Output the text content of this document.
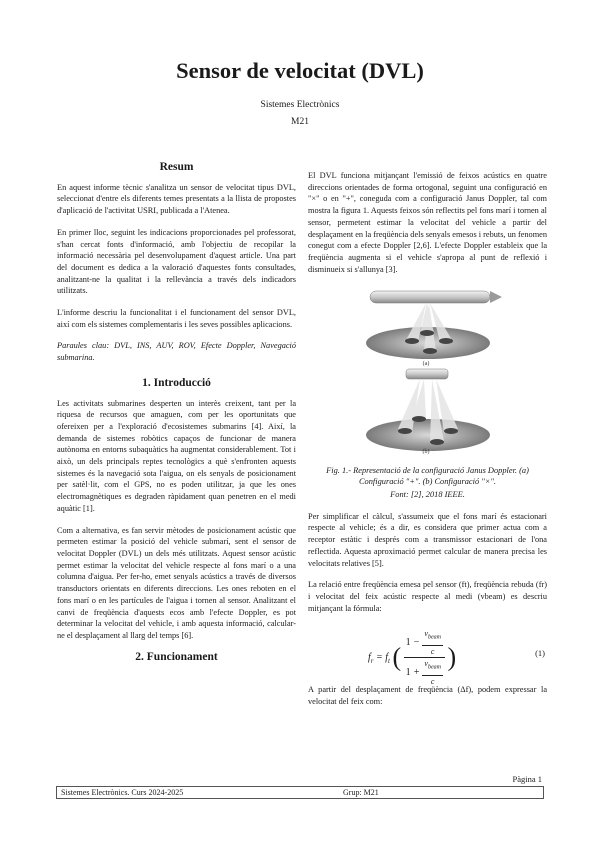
Sensor de velocitat (DVL)
Sistemes Electrònics
M21
Resum

En aquest informe tècnic s'analitza un sensor de velocitat tipus DVL, seleccionat d'entre els diferents temes presentats a la llista de propostes d'aplicació de l'activitat USRI, publicada a l'Atenea.

En primer lloc, seguint les indicacions proporcionades pel professorat, s'han cercat fonts d'informació, amb l'objectiu de recopilar la informació necessària pel desenvolupament d'aquest article. Una part del document es dedica a la valoració d'aquestes fonts consultades, analitzant-ne la qualitat i la rellevància a través dels indicadors utilitzats.

L'informe descriu la funcionalitat i el funcionament del sensor DVL, així com els sistemes complementaris i les seves possibles aplicacions.

Paraules clau: DVL, INS, AUV, ROV, Efecte Doppler, Navegació submarina.

1. Introducció

Les activitats submarines desperten un interès creixent, tant per la riquesa de recursos que amaguen, com per les oportunitats que ofereixen per a l'exploració d'ecosistemes submarins [4]. Així, la demanda de sistemes robòtics capaços de funcionar de manera autònoma en entorns subaquàtics ha augmentat considerablement. Tot i això, un dels principals reptes tecnològics a què s'enfronten aquests sistemes és la navegació sota l'aigua, on els senyals de posicionament per satèl·lit, com el GPS, no es poden utilitzar, ja que les ones electromagnètiques es degraden ràpidament quan penetren en el medi aquàtic [1].

Com a alternativa, es fan servir mètodes de posicionament acústic que permeten estimar la posició del vehicle submarí, sent el sensor de velocitat Doppler (DVL) un dels més utilitzats. Aquest sensor acústic permet estimar la velocitat del vehicle respecte al fons marí o a una columna d'aigua. Per fer-ho, emet senyals acústics a través de diversos transductors orientats en diferents direccions. Les ones reboten en el fons marí o en les partícules de l'aigua i tornen al sensor. Analitzant el canvi de freqüència d'aquests ecos amb l'efecte Doppler, es pot determinar la velocitat del vehicle, i amb aquesta informació, calcular-ne el desplaçament al llarg del temps [6].

2. Funcionament

El DVL funciona mitjançant l'emissió de feixos acústics en quatre direccions orientades de forma ortogonal, seguint una configuració en "×" o en "+", coneguda com a configuració Janus Doppler, tal com mostra la figura 1. Aquests feixos són reflectits pel fons marí i tornen al sensor, permetent estimar la velocitat del vehicle a partir del desplaçament en la freqüència dels senyals emesos i rebuts, un fenomen conegut com a efecte Doppler [2,6]. L'efecte Doppler estableix que la freqüència augmenta si el vehicle s'apropa al punt de reflexió i disminueix si s'allunya [3].

(a)
(b)
Fig. 1.- Representació de la configuració Janus Doppler. (a) Configuració "+". (b) Configuració "×".
Font: [2], 2018 IEEE.

Per simplificar el càlcul, s'assumeix que el fons marí és estacionari respecte al vehicle; és a dir, es considera que primer actua com a receptor estàtic i després com a transmissor estacionari de l'ona reflectida. Aquesta aproximació permet calcular de manera precisa les velocitats relatives [5].

La relació entre freqüència emesa pel sensor (ft), freqüència rebuda (fr) i velocitat del feix acústic respecte al medi (vbeam) es descriu mitjançant la fórmula:

$f_r = f_t$ ( $\frac{1 - \frac{v_{beam}}{c}}{1 + \frac{v_{beam}}{c}}$ )	(1)

A partir del desplaçament de freqüència (Δf), podem expressar la velocitat del feix com:

Pàgina 1
Sistemes Electrònics. Curs 2024-2025	Grup: M21
